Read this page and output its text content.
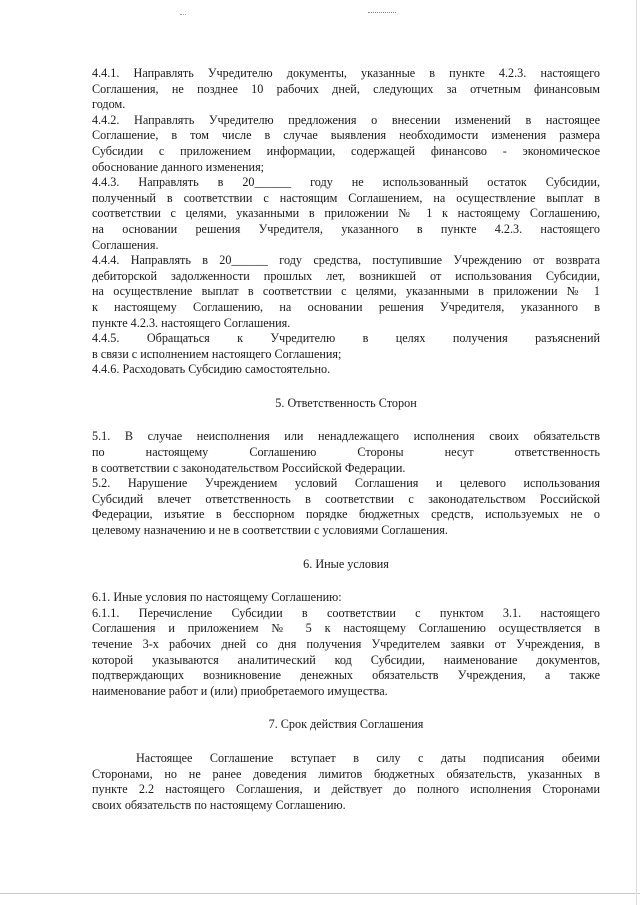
4.4.1. Направлять Учредителю документы, указанные в пункте 4.2.3. настоящего

Соглашения, не позднее 10 рабочих дней, следующих за отчетным финансовым

годом.

4.4.2. Направлять Учредителю предложения о внесении изменений в настоящее

Соглашение, в том числе в случае выявления необходимости изменения размера

Субсидии с приложением информации, содержащей финансово - экономическое

обоснование данного изменения;

4.4.3. Направлять в 20______ году не использованный остаток Субсидии,

полученный в соответствии с настоящим Соглашением, на осуществление выплат в

соответствии с целями, указанными в приложении № 1 к настоящему Соглашению,

на основании решения Учредителя, указанного в пункте 4.2.3. настоящего

Соглашения.

4.4.4. Направлять в 20______ году средства, поступившие Учреждению от возврата

дебиторской задолженности прошлых лет, возникшей от использования Субсидии,

на осуществление выплат в соответствии с целями, указанными в приложении № 1

к настоящему Соглашению, на основании решения Учредителя, указанного в

пункте 4.2.3. настоящего Соглашения.

4.4.5. Обращаться к Учредителю в целях получения разъяснений

в связи с исполнением настоящего Соглашения;

4.4.6. Расходовать Субсидию самостоятельно.

5. Ответственность Сторон

5.1. В случае неисполнения или ненадлежащего исполнения своих обязательств

по настоящему Соглашению Стороны несут ответственность

в соответствии с законодательством Российской Федерации.

5.2. Нарушение Учреждением условий Соглашения и целевого использования

Субсидий влечет ответственность в соответствии с законодательством Российской

Федерации, изъятие в бесспорном порядке бюджетных средств, используемых не о

целевому назначению и не в соответствии с условиями Соглашения.

6. Иные условия

6.1. Иные условия по настоящему Соглашению:

6.1.1. Перечисление Субсидии в соответствии с пунктом 3.1. настоящего

Соглашения и приложением № 5 к настоящему Соглашению осуществляется в

течение 3-х рабочих дней со дня получения Учредителем заявки от Учреждения, в

которой указываются аналитический код Субсидии, наименование документов,

подтверждающих возникновение денежных обязательств Учреждения, а также

наименование работ и (или) приобретаемого имущества.

7. Срок действия Соглашения

Настоящее Соглашение вступает в силу с даты подписания обеими

Сторонами, но не ранее доведения лимитов бюджетных обязательств, указанных в

пункте 2.2 настоящего Соглашения, и действует до полного исполнения Сторонами

своих обязательств по настоящему Соглашению.
